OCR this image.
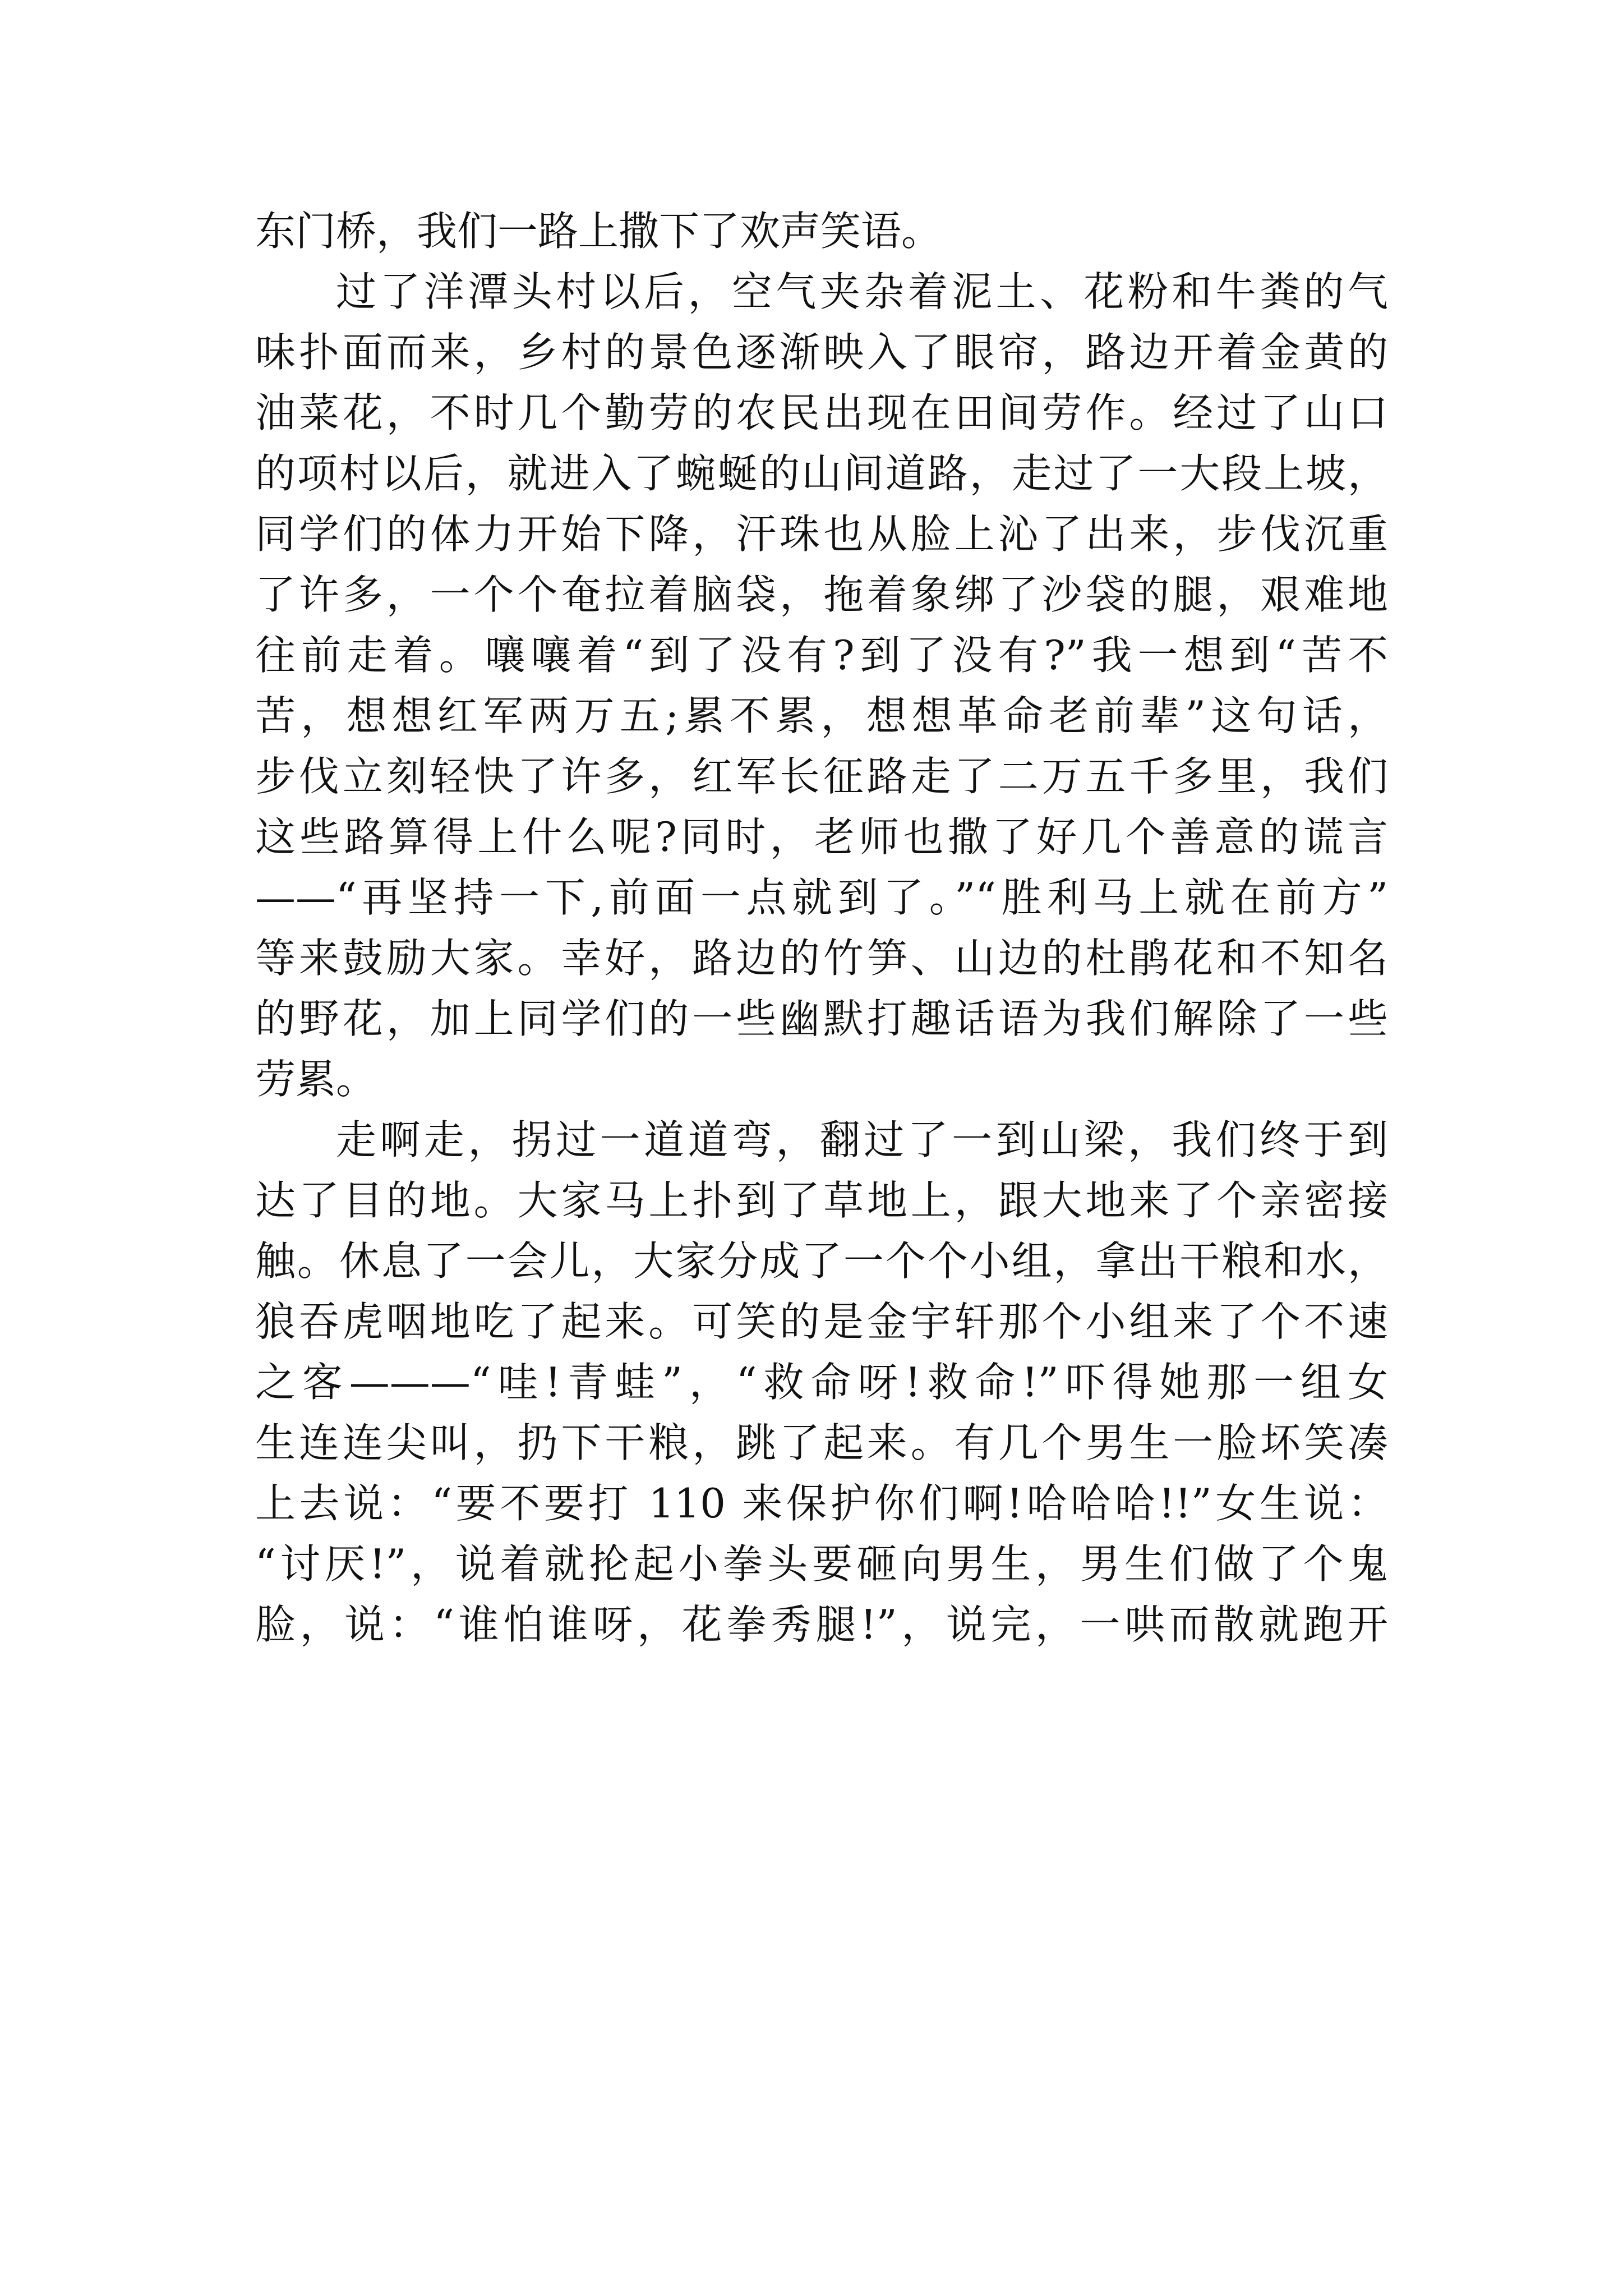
东门桥，我们一路上撒下了欢声笑语。
过了洋潭头村以后，空气夹杂着泥土、花粉和牛粪的气
味扑面而来，乡村的景色逐渐映入了眼帘，路边开着金黄的
油菜花，不时几个勤劳的农民出现在田间劳作。经过了山口
的项村以后，就进入了蜿蜒的山间道路，走过了一大段上坡，
同学们的体力开始下降，汗珠也从脸上沁了出来，步伐沉重
了许多，一个个奄拉着脑袋，拖着象绑了沙袋的腿，艰难地
往前走着。嚷嚷着“到了没有?到了没有?”我一想到“苦不
苦，想想红军两万五;累不累，想想革命老前辈”这句话，
步伐立刻轻快了许多，红军长征路走了二万五千多里，我们
这些路算得上什么呢?同时，老师也撒了好几个善意的谎言
——“再坚持一下,前面一点就到了。”“胜利马上就在前方”
等来鼓励大家。幸好，路边的竹笋、山边的杜鹃花和不知名
的野花，加上同学们的一些幽默打趣话语为我们解除了一些
劳累。
走啊走，拐过一道道弯，翻过了一到山梁，我们终于到
达了目的地。大家马上扑到了草地上，跟大地来了个亲密接
触。休息了一会儿，大家分成了一个个小组，拿出干粮和水，
狼吞虎咽地吃了起来。可笑的是金宇轩那个小组来了个不速
之客———“哇!青蛙”，“救命呀!救命!”吓得她那一组女
生连连尖叫，扔下干粮，跳了起来。有几个男生一脸坏笑凑
上去说：“要不要打 110 来保护你们啊!哈哈哈!!”女生说：
“讨厌!”，说着就抡起小拳头要砸向男生，男生们做了个鬼
脸，说：“谁怕谁呀，花拳秀腿!”，说完，一哄而散就跑开
